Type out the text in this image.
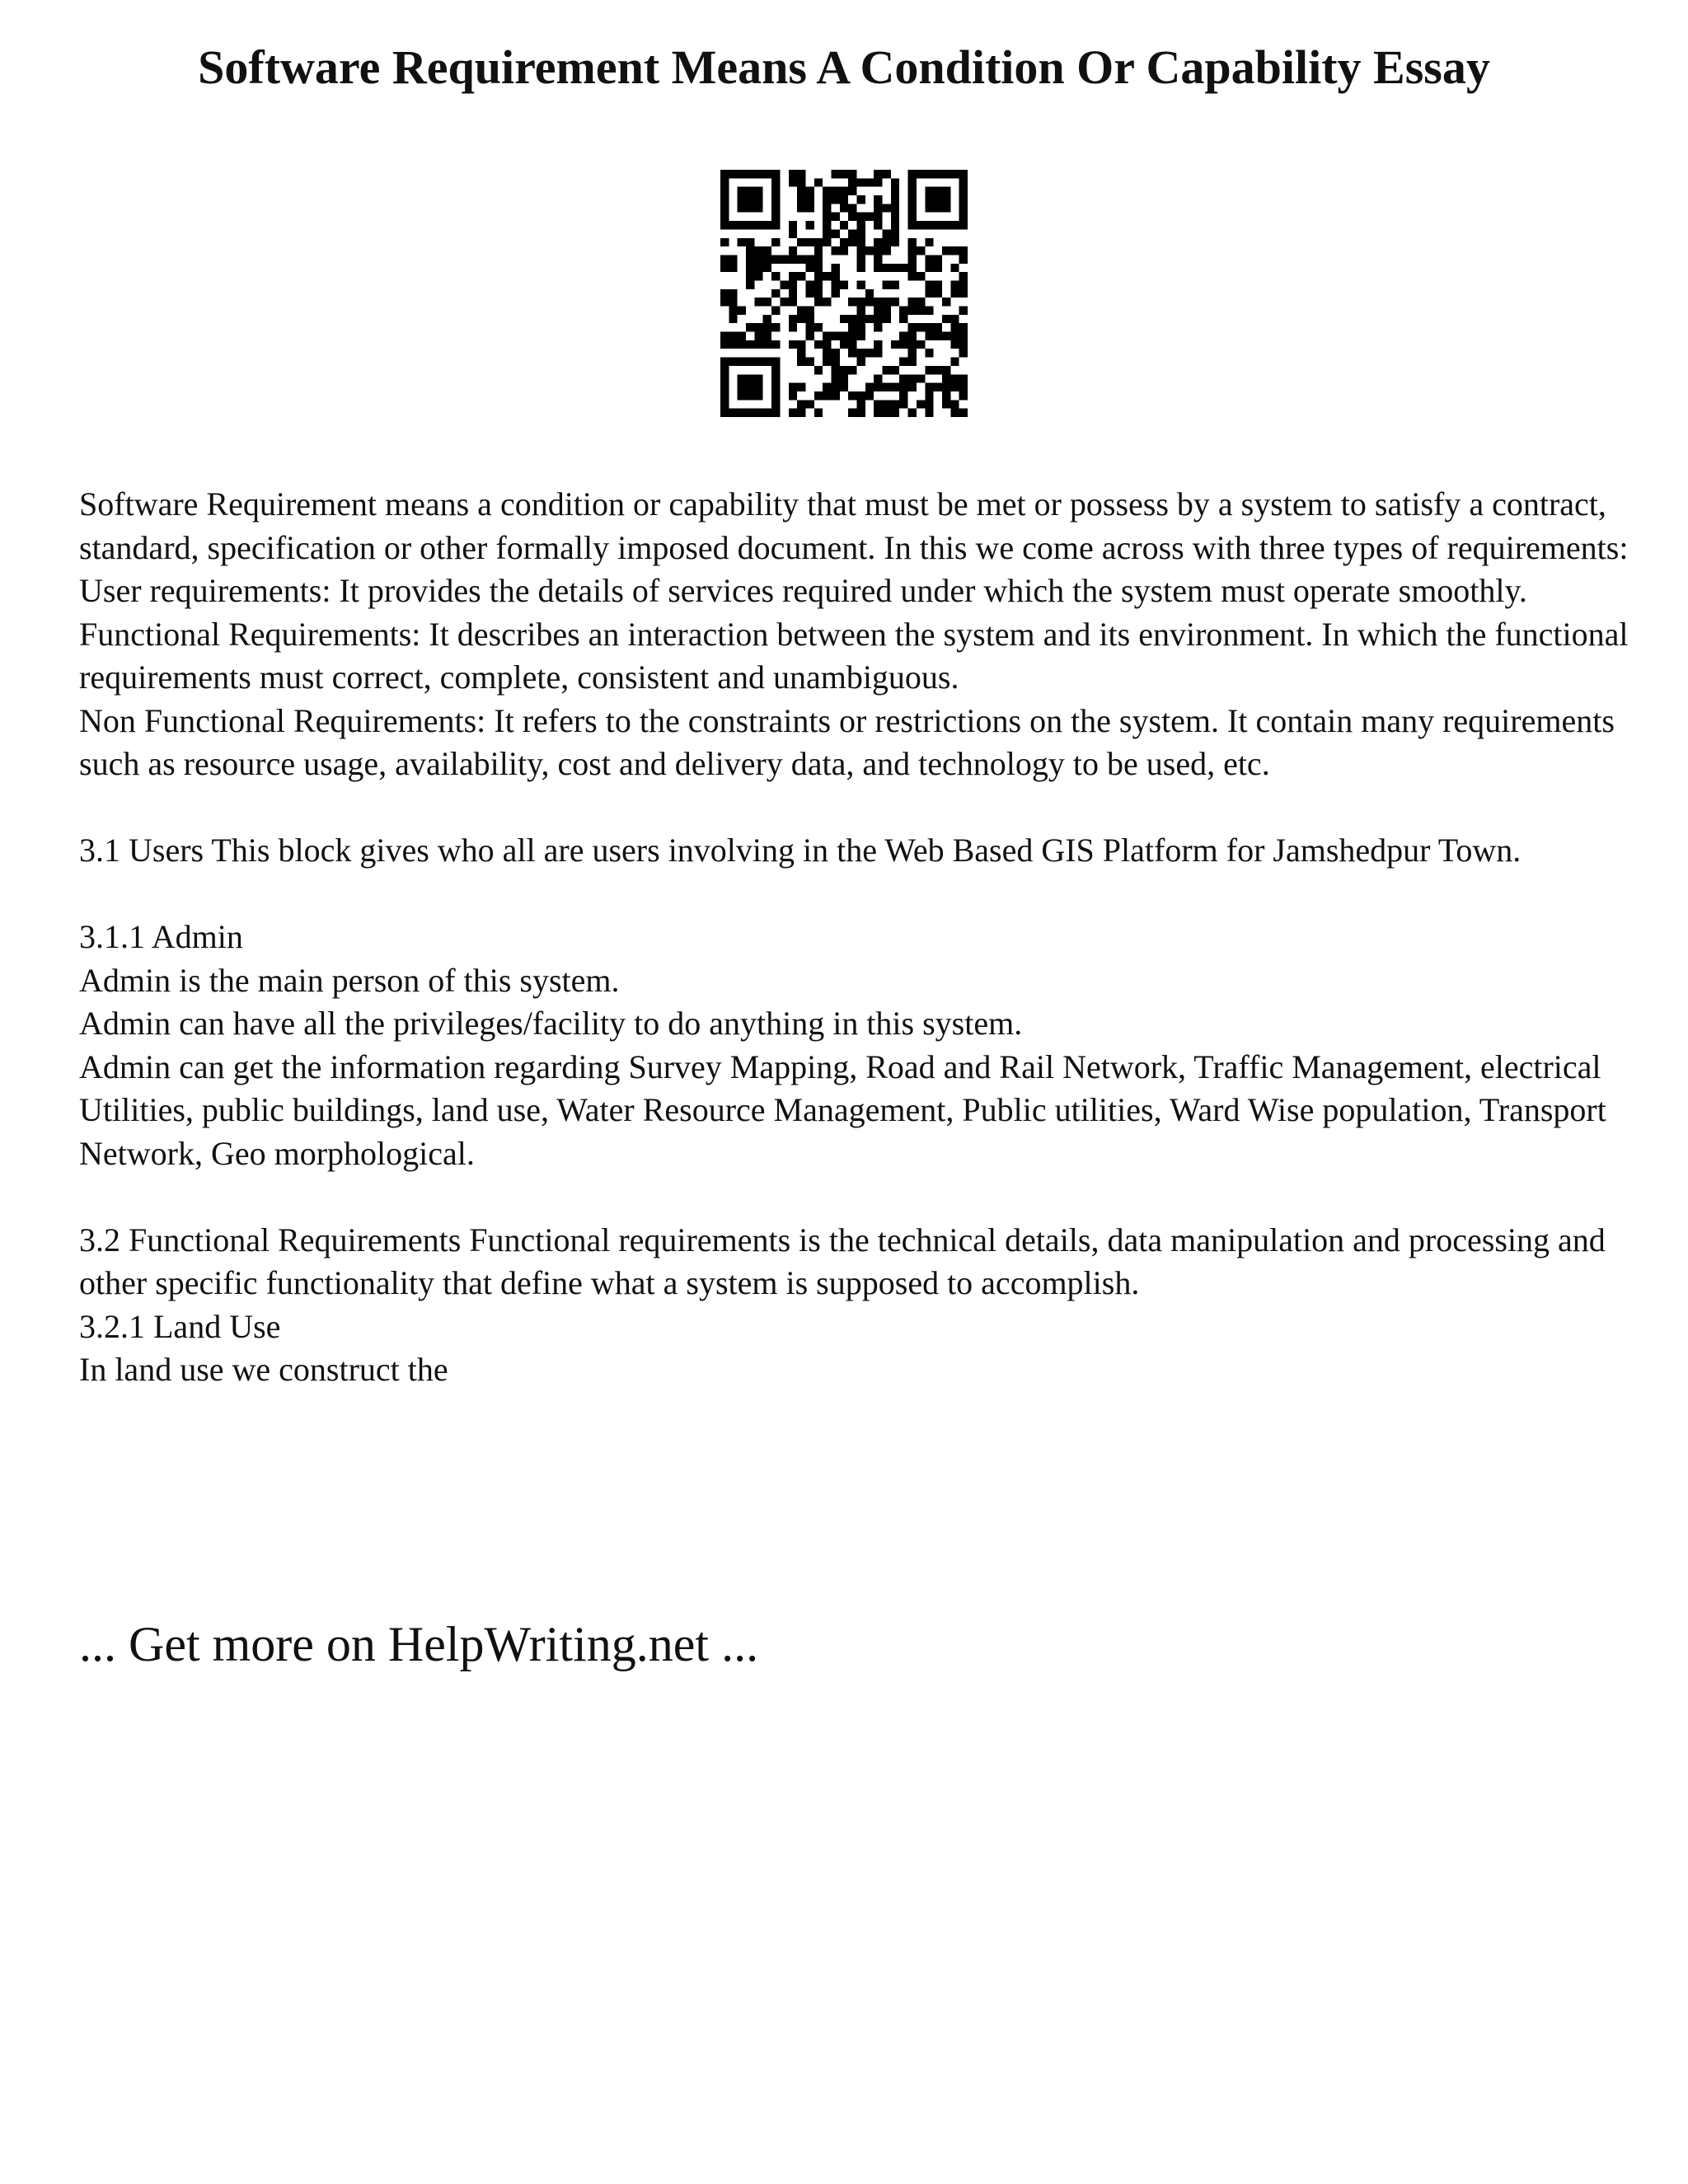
Software Requirement Means A Condition Or Capability Essay

Software Requirement means a condition or capability that must be met or possess by a system to satisfy a contract, standard, specification or other formally imposed document. In this we come across with three types of requirements:

User requirements: It provides the details of services required under which the system must operate smoothly.

Functional Requirements: It describes an interaction between the system and its environment. In which the functional requirements must correct, complete, consistent and unambiguous.

Non Functional Requirements: It refers to the constraints or restrictions on the system. It contain many requirements such as resource usage, availability, cost and delivery data, and technology to be used, etc.

3.1 Users This block gives who all are users involving in the Web Based GIS Platform for Jamshedpur Town.

3.1.1 Admin

Admin is the main person of this system.

Admin can have all the privileges/facility to do anything in this system.

Admin can get the information regarding Survey Mapping, Road and Rail Network, Traffic Management, electrical Utilities, public buildings, land use, Water Resource Management, Public utilities, Ward Wise population, Transport Network, Geo morphological.

3.2 Functional Requirements Functional requirements is the technical details, data manipulation and processing and other specific functionality that define what a system is supposed to accomplish.

3.2.1 Land Use

In land use we construct the

... Get more on HelpWriting.net ...
